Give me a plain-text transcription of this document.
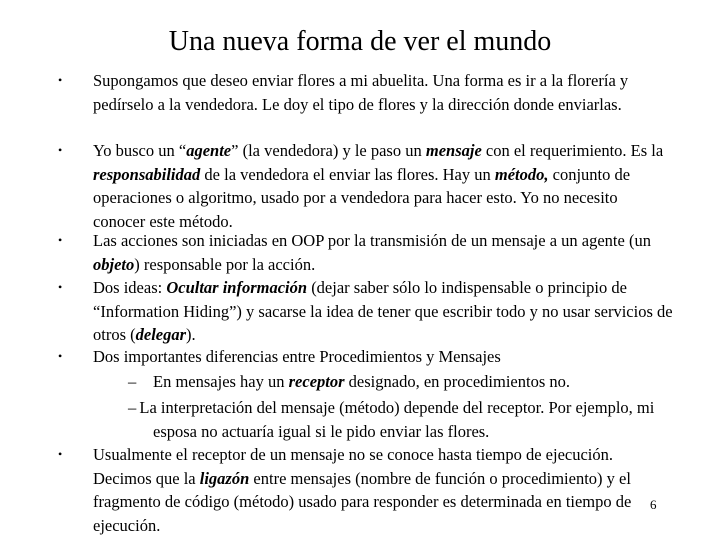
Una nueva forma de ver el mundo
• Supongamos que deseo enviar flores a mi abuelita. Una forma es ir a la florería y pedírselo a la vendedora. Le doy el tipo de flores y la dirección donde enviarlas.
• Yo busco un “agente” (la vendedora) y le paso un mensaje con el requerimiento. Es la responsabilidad de la vendedora el enviar las flores. Hay un método, conjunto de operaciones o algoritmo, usado por a vendedora para hacer esto. Yo no necesito conocer este método.
• Las acciones son iniciadas en OOP por la transmisión de un mensaje a un agente (un objeto) responsable por la acción.
• Dos ideas: Ocultar información (dejar saber sólo lo indispensable o principio de “Information Hiding”) y sacarse la idea de tener que escribir todo y no usar servicios de otros (delegar).
• Dos importantes diferencias entre Procedimientos y Mensajes
– En mensajes hay un receptor designado, en procedimientos no.
– La interpretación del mensaje (método) depende del receptor. Por ejemplo, mi esposa no actuaría igual si le pido enviar las flores.
• Usualmente el receptor de un mensaje no se conoce hasta tiempo de ejecución. Decimos que la ligazón entre mensajes (nombre de función o procedimiento) y el fragmento de código (método) usado para responder es determinada en tiempo de ejecución.
6
